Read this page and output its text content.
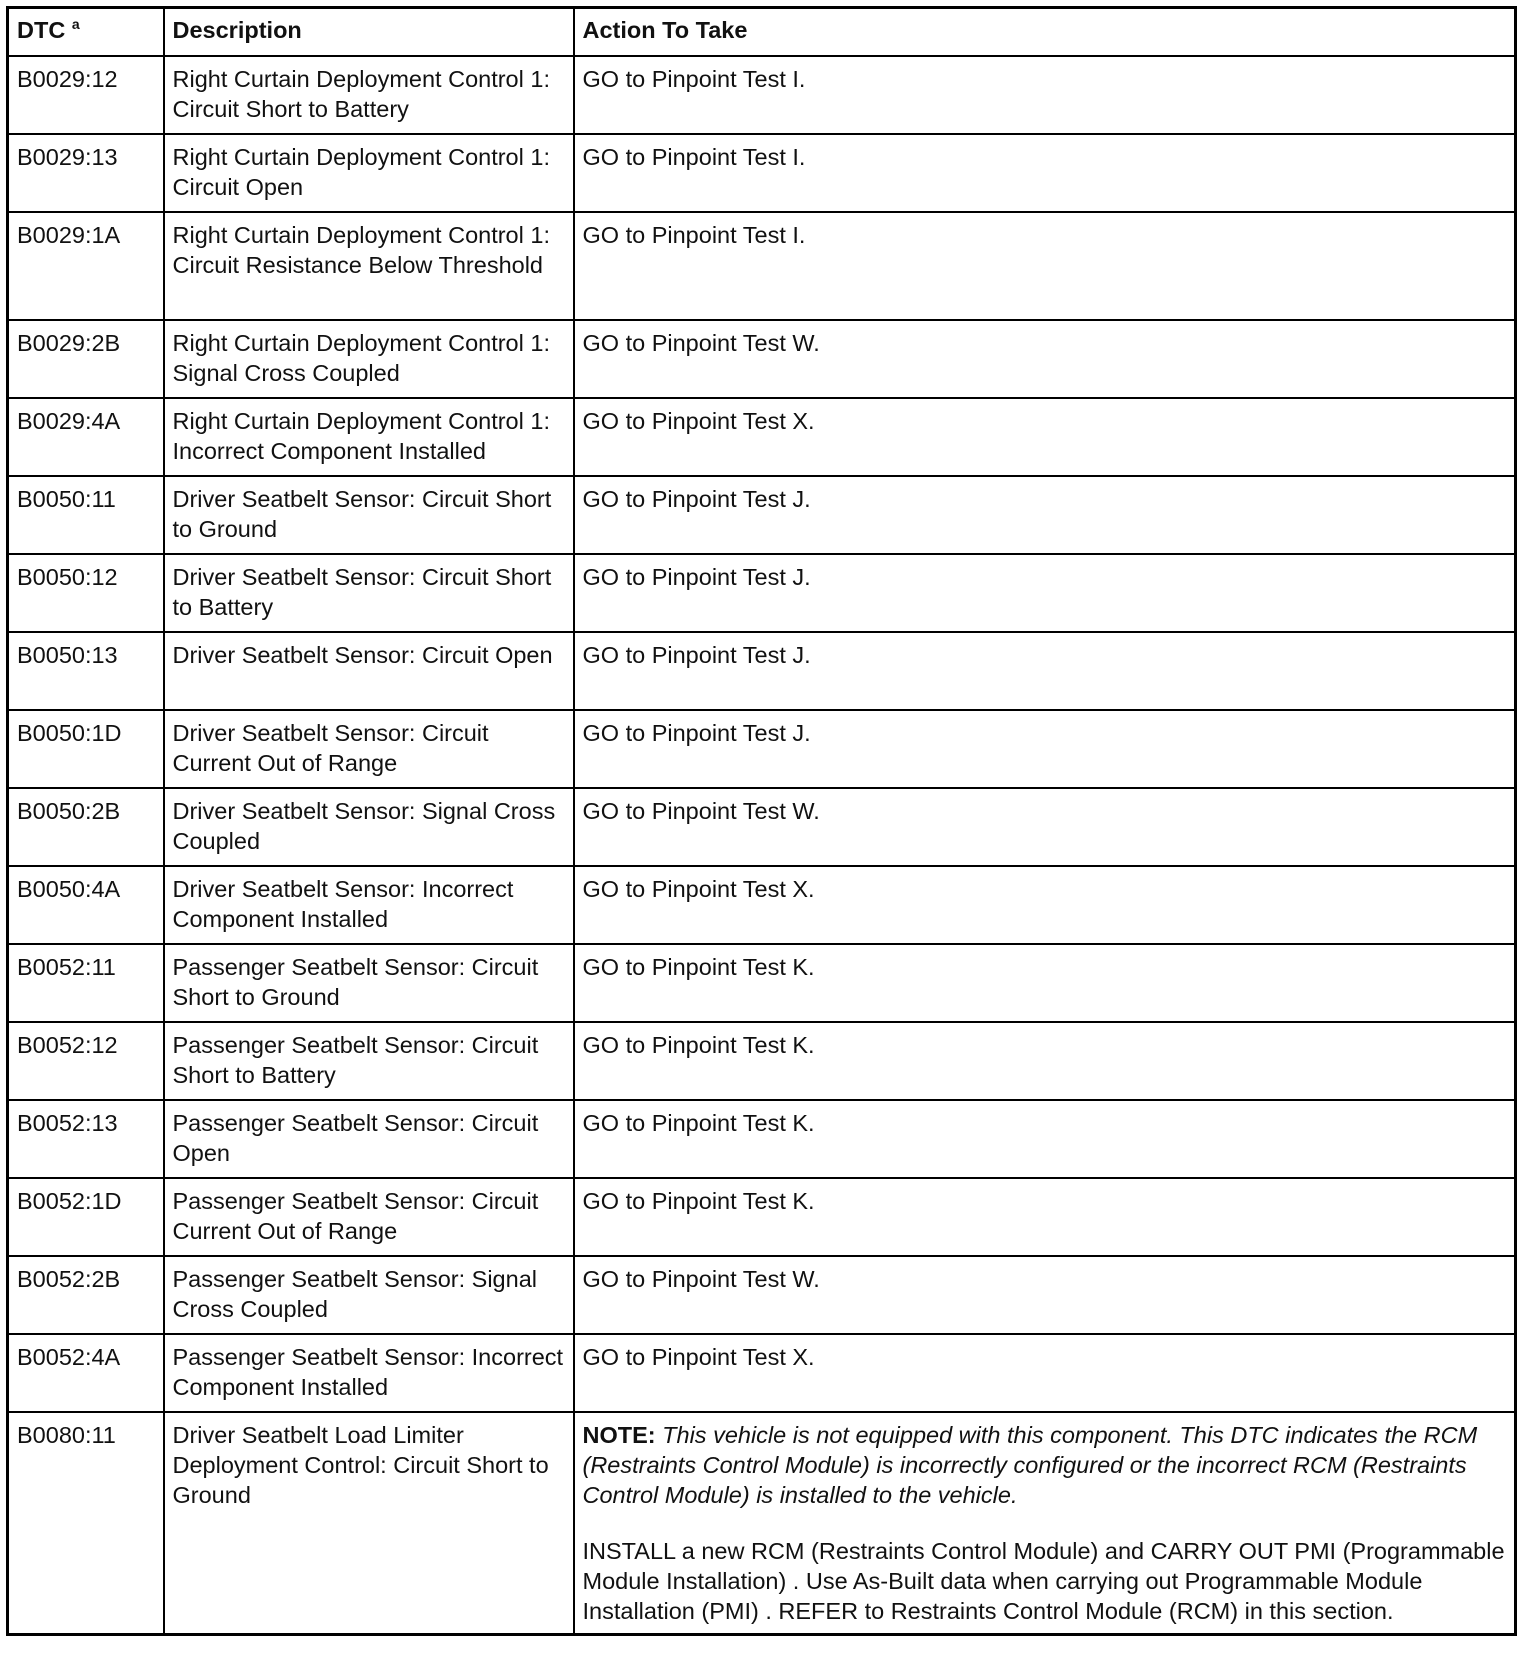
DTC $^a$	Description	Action To Take
B0029:12	Right Curtain Deployment Control 1: Circuit Short to Battery	GO to Pinpoint Test I.
B0029:13	Right Curtain Deployment Control 1: Circuit Open	GO to Pinpoint Test I.
B0029:1A	Right Curtain Deployment Control 1: Circuit Resistance Below Threshold	GO to Pinpoint Test I.
B0029:2B	Right Curtain Deployment Control 1: Signal Cross Coupled	GO to Pinpoint Test W.
B0029:4A	Right Curtain Deployment Control 1: Incorrect Component Installed	GO to Pinpoint Test X.
B0050:11	Driver Seatbelt Sensor: Circuit Short to Ground	GO to Pinpoint Test J.
B0050:12	Driver Seatbelt Sensor: Circuit Short to Battery	GO to Pinpoint Test J.
B0050:13	Driver Seatbelt Sensor: Circuit Open	GO to Pinpoint Test J.
B0050:1D	Driver Seatbelt Sensor: Circuit Current Out of Range	GO to Pinpoint Test J.
B0050:2B	Driver Seatbelt Sensor: Signal Cross Coupled	GO to Pinpoint Test W.
B0050:4A	Driver Seatbelt Sensor: Incorrect Component Installed	GO to Pinpoint Test X.
B0052:11	Passenger Seatbelt Sensor: Circuit Short to Ground	GO to Pinpoint Test K.
B0052:12	Passenger Seatbelt Sensor: Circuit Short to Battery	GO to Pinpoint Test K.
B0052:13	Passenger Seatbelt Sensor: Circuit Open	GO to Pinpoint Test K.
B0052:1D	Passenger Seatbelt Sensor: Circuit Current Out of Range	GO to Pinpoint Test K.
B0052:2B	Passenger Seatbelt Sensor: Signal Cross Coupled	GO to Pinpoint Test W.
B0052:4A	Passenger Seatbelt Sensor: Incorrect Component Installed	GO to Pinpoint Test X.
B0080:11	Driver Seatbelt Load Limiter Deployment Control: Circuit Short to Ground	NOTE: This vehicle is not equipped with this component. This DTC indicates the RCM (Restraints Control Module) is incorrectly configured or the incorrect RCM (Restraints Control Module) is installed to the vehicle.
INSTALL a new RCM (Restraints Control Module) and CARRY OUT PMI (Programmable Module Installation) . Use As-Built data when carrying out Programmable Module Installation (PMI) . REFER to Restraints Control Module (RCM) in this section.
